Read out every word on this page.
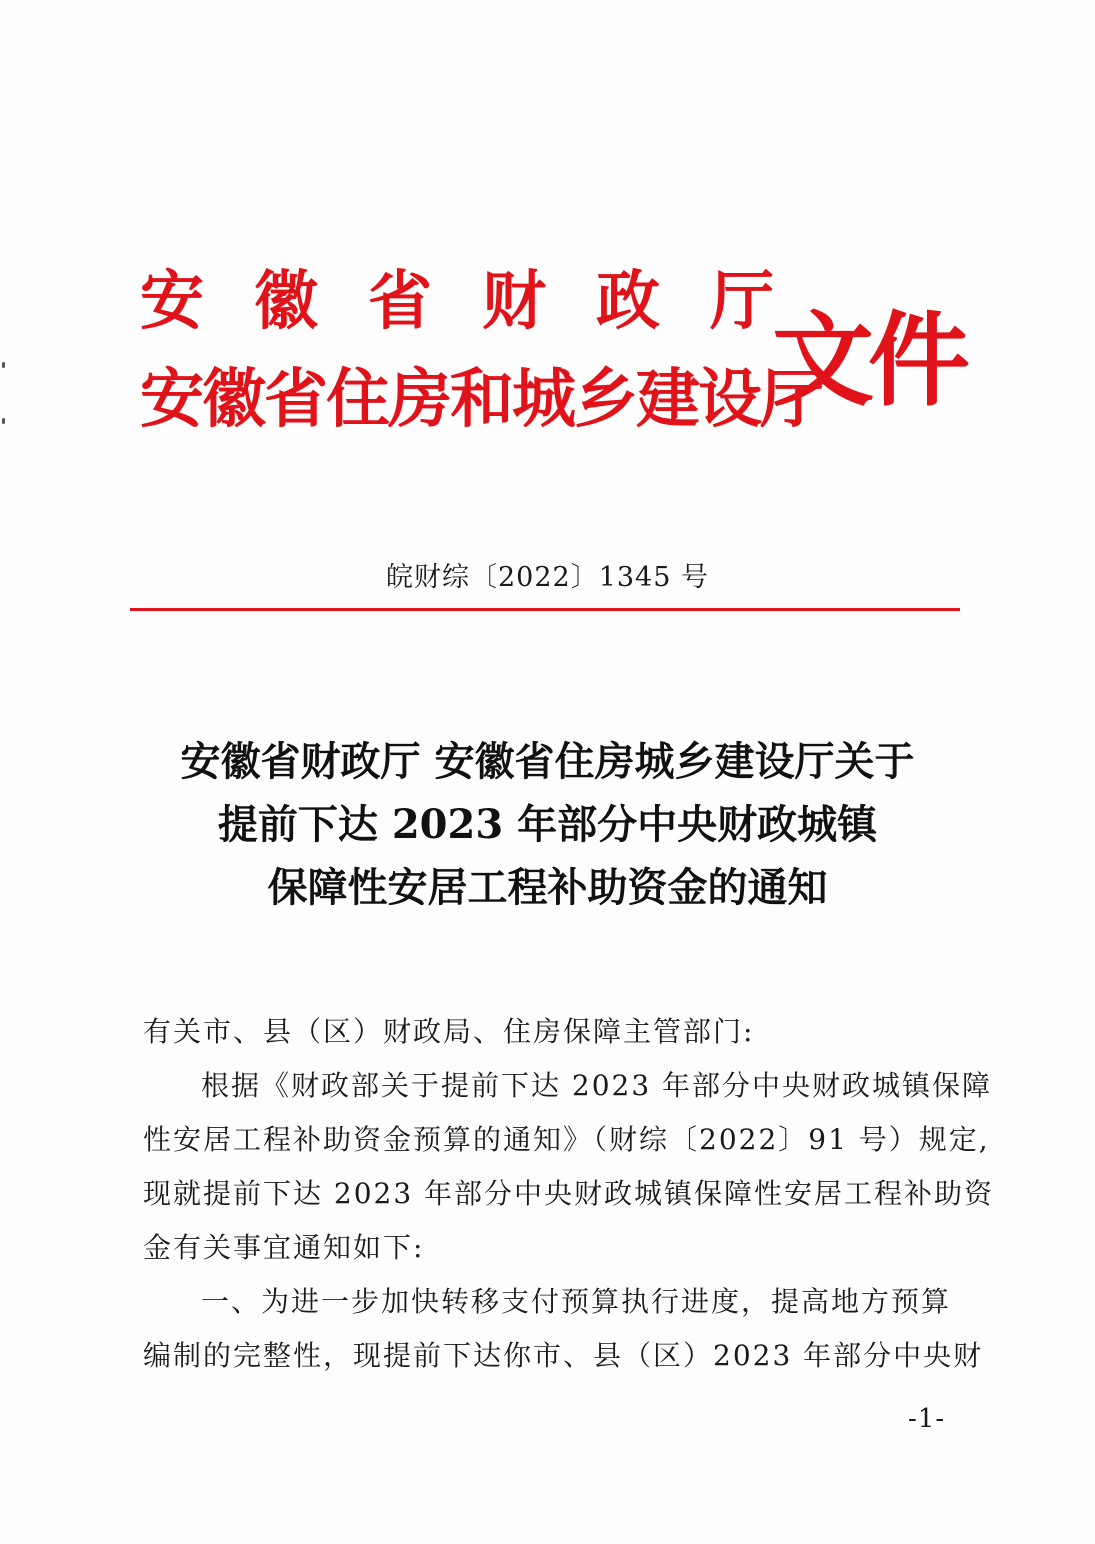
安徽省财政厅
安徽省住房和城乡建设厅
文件
皖财综〔2022〕1345 号
安徽省财政厅 安徽省住房城乡建设厅关于
提前下达 2023 年部分中央财政城镇
保障性安居工程补助资金的通知
有关市、县（区）财政局、住房保障主管部门:
根据《财政部关于提前下达 2023 年部分中央财政城镇保障
性安居工程补助资金预算的通知》（财综〔2022〕91 号）规定,
现就提前下达 2023 年部分中央财政城镇保障性安居工程补助资
金有关事宜通知如下:
一、为进一步加快转移支付预算执行进度，提高地方预算
编制的完整性，现提前下达你市、县（区）2023 年部分中央财
-1-
